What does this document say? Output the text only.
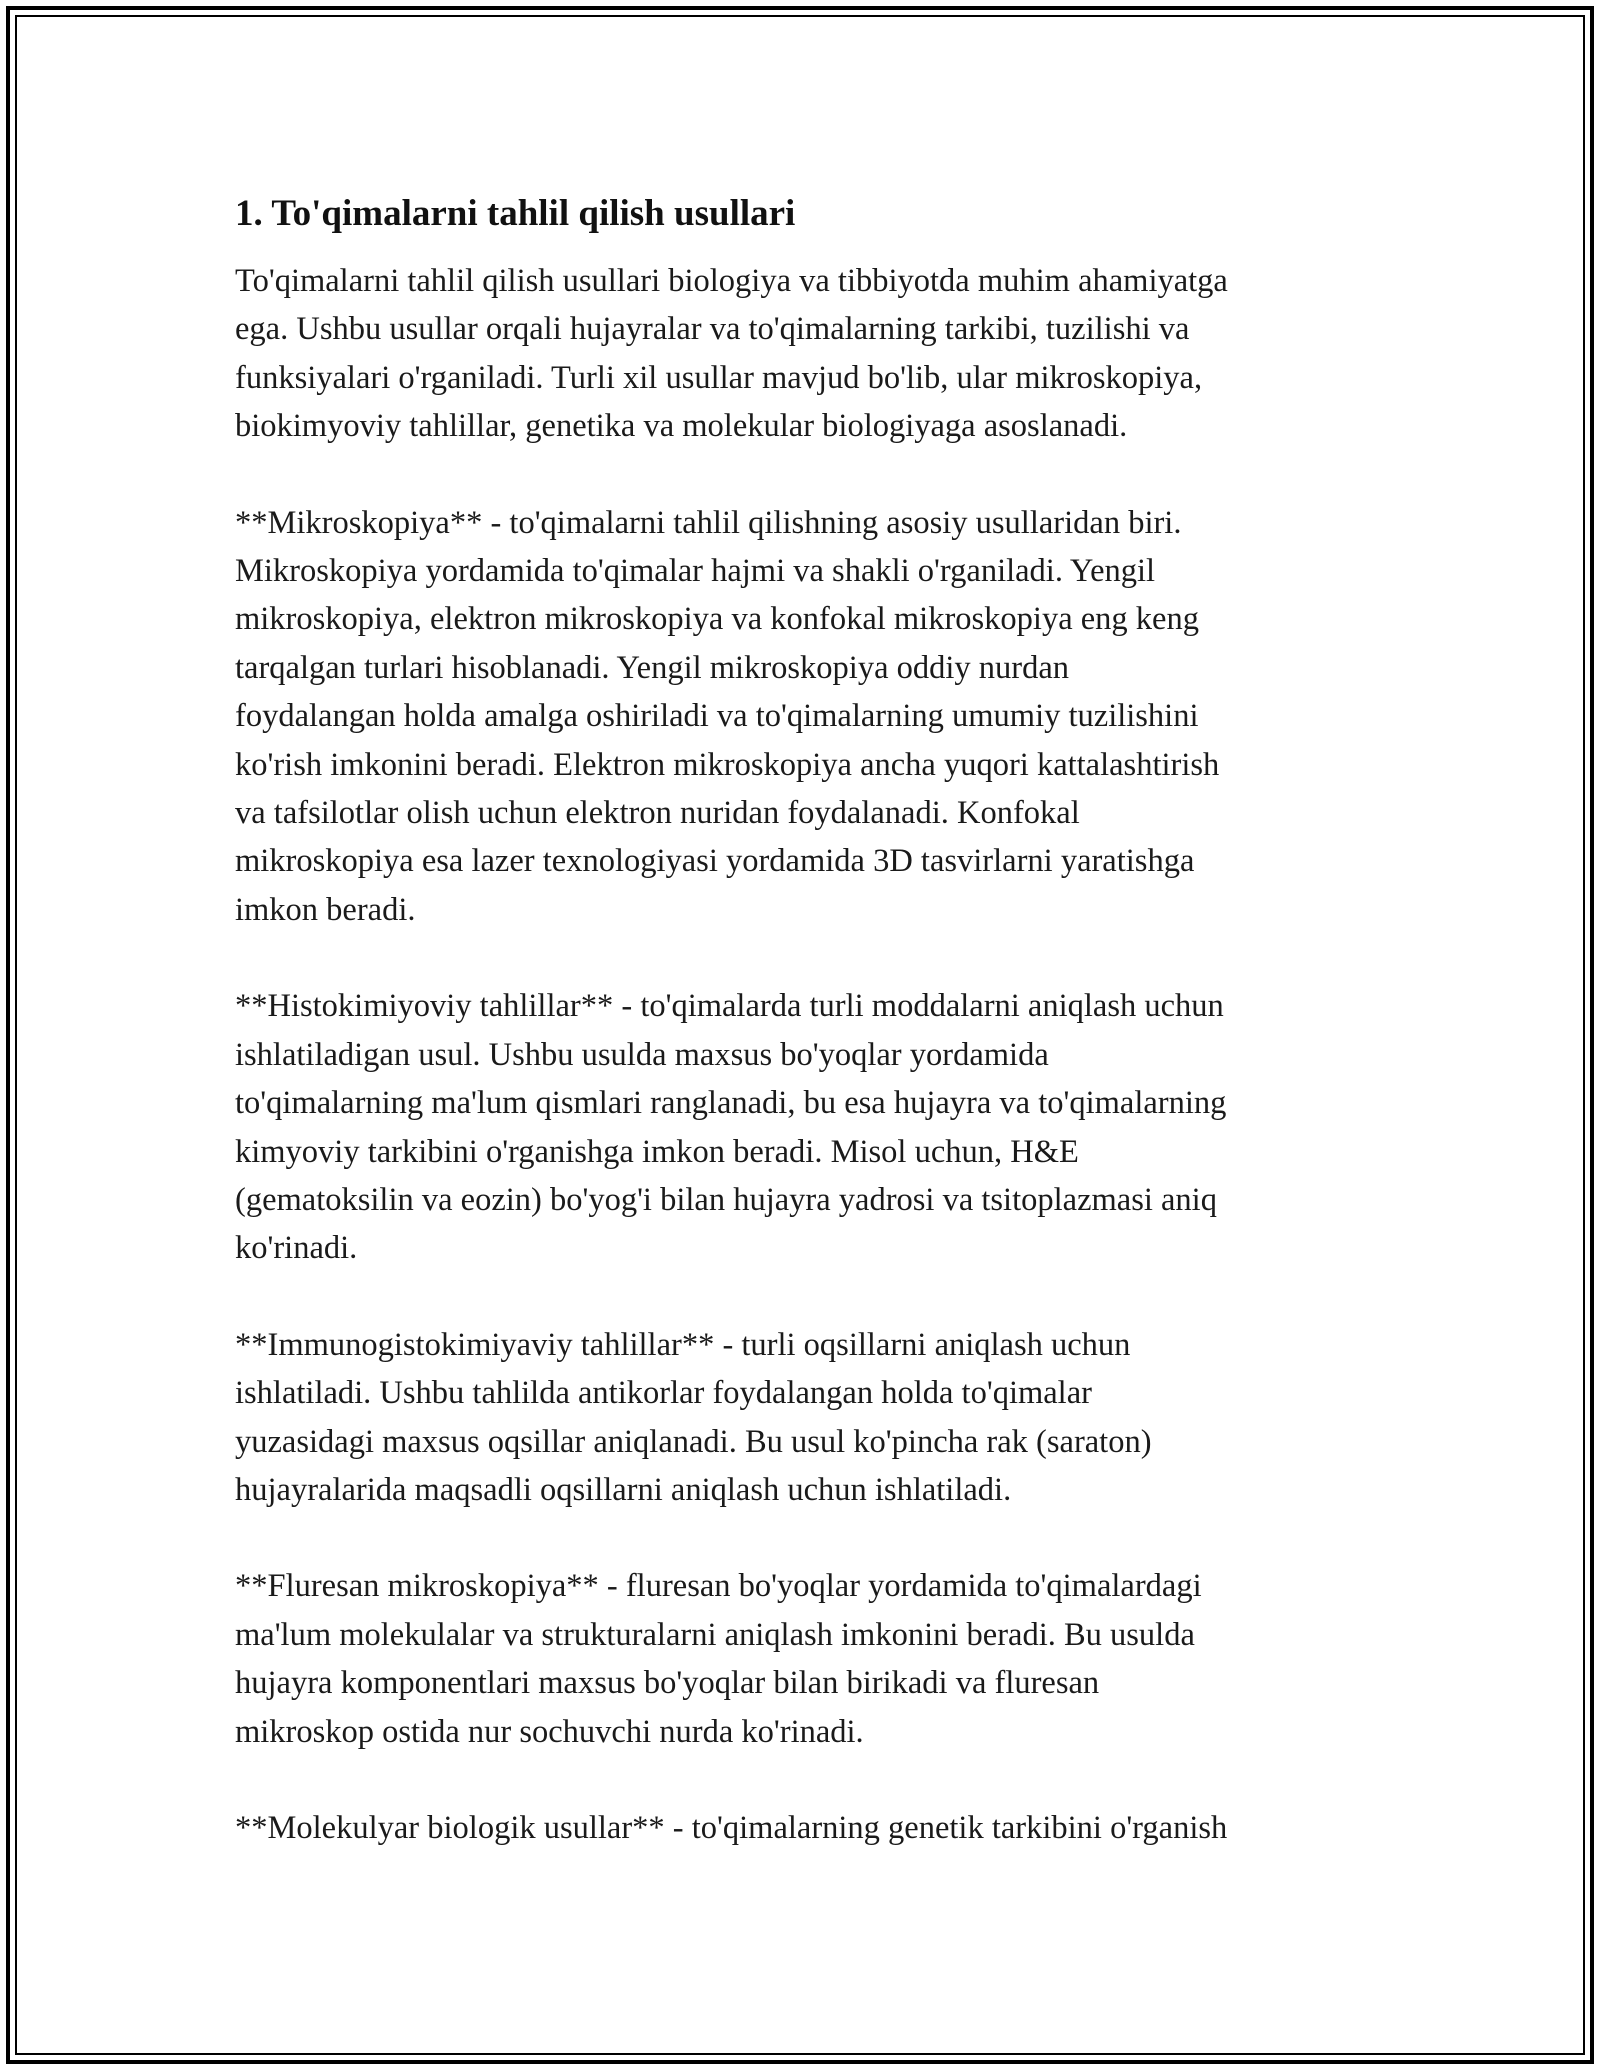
1. To'qimalarni tahlil qilish usullari

To'qimalarni tahlil qilish usullari biologiya va tibbiyotda muhim ahamiyatga
ega. Ushbu usullar orqali hujayralar va to'qimalarning tarkibi, tuzilishi va
funksiyalari o'rganiladi. Turli xil usullar mavjud bo'lib, ular mikroskopiya,
biokimyoviy tahlillar, genetika va molekular biologiyaga asoslanadi.

**Mikroskopiya** - to'qimalarni tahlil qilishning asosiy usullaridan biri.
Mikroskopiya yordamida to'qimalar hajmi va shakli o'rganiladi. Yengil
mikroskopiya, elektron mikroskopiya va konfokal mikroskopiya eng keng
tarqalgan turlari hisoblanadi. Yengil mikroskopiya oddiy nurdan
foydalangan holda amalga oshiriladi va to'qimalarning umumiy tuzilishini
ko'rish imkonini beradi. Elektron mikroskopiya ancha yuqori kattalashtirish
va tafsilotlar olish uchun elektron nuridan foydalanadi. Konfokal
mikroskopiya esa lazer texnologiyasi yordamida 3D tasvirlarni yaratishga
imkon beradi.

**Histokimiyoviy tahlillar** - to'qimalarda turli moddalarni aniqlash uchun
ishlatiladigan usul. Ushbu usulda maxsus bo'yoqlar yordamida
to'qimalarning ma'lum qismlari ranglanadi, bu esa hujayra va to'qimalarning
kimyoviy tarkibini o'rganishga imkon beradi. Misol uchun, H&E
(gematoksilin va eozin) bo'yog'i bilan hujayra yadrosi va tsitoplazmasi aniq
ko'rinadi.

**Immunogistokimiyaviy tahlillar** - turli oqsillarni aniqlash uchun
ishlatiladi. Ushbu tahlilda antikorlar foydalangan holda to'qimalar
yuzasidagi maxsus oqsillar aniqlanadi. Bu usul ko'pincha rak (saraton)
hujayralarida maqsadli oqsillarni aniqlash uchun ishlatiladi.

**Fluresan mikroskopiya** - fluresan bo'yoqlar yordamida to'qimalardagi
ma'lum molekulalar va strukturalarni aniqlash imkonini beradi. Bu usulda
hujayra komponentlari maxsus bo'yoqlar bilan birikadi va fluresan
mikroskop ostida nur sochuvchi nurda ko'rinadi.

**Molekulyar biologik usullar** - to'qimalarning genetik tarkibini o'rganish
